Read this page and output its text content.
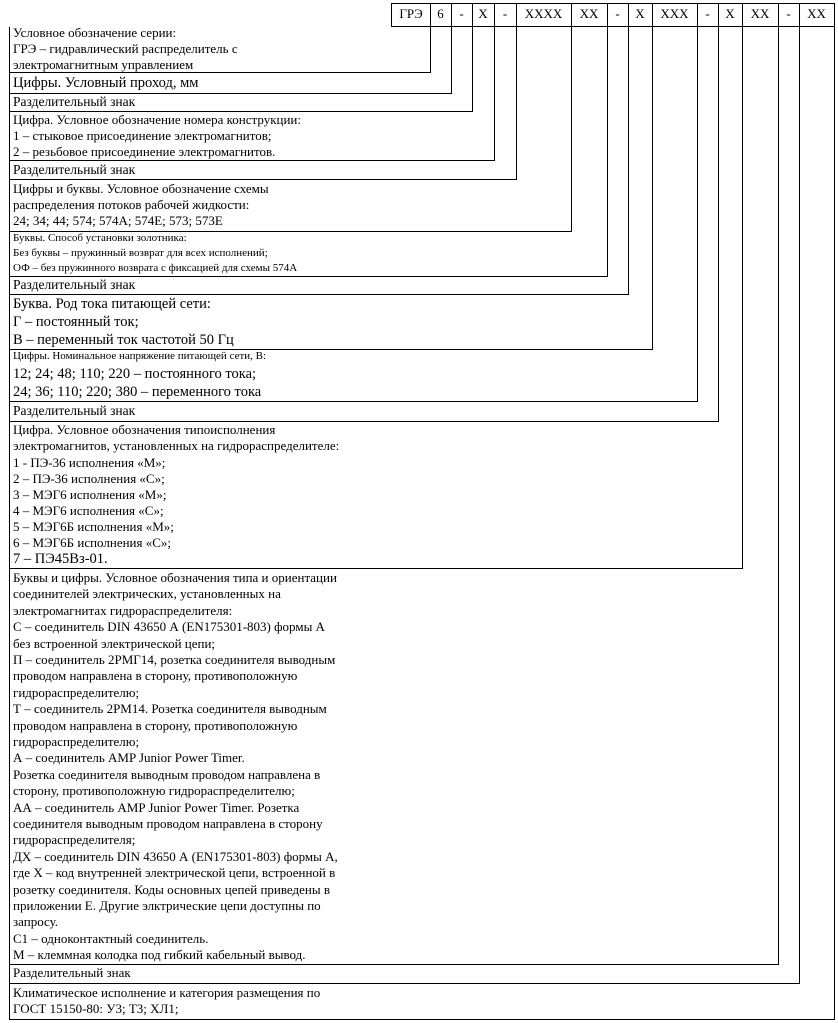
ГРЭ	6	-	X	-	XXXX	XX	-	X	XXX	-	X	XX	-	XX
Условное обозначение серии:
ГРЭ – гидравлический распределитель с
электромагнитным управлением
Цифры. Условный проход, мм
Разделительный знак
Цифра. Условное обозначение номера конструкции:
1 – стыковое присоединение электромагнитов;
2 – резьбовое присоединение электромагнитов.
Разделительный знак
Цифры и буквы. Условное обозначение схемы
распределения потоков рабочей жидкости:
24; 34; 44; 574; 574А; 574Е; 573; 573Е
Буквы. Способ установки золотника:
Без буквы – пружинный возврат для всех исполнений;
ОФ – без пружинного возврата с фиксацией для схемы 574А
Разделительный знак
Буква. Род тока питающей сети:
Г – постоянный ток;
В – переменный ток частотой 50 Гц
Цифры. Номинальное напряжение питающей сети, В:
12; 24; 48; 110; 220 – постоянного тока;
24; 36; 110; 220; 380 – переменного тока
Разделительный знак
Цифра. Условное обозначения типоисполнения
электромагнитов, установленных на гидрораспределителе:
1 - ПЭ-36 исполнения «М»;
2 – ПЭ-36 исполнения «С»;
3 – МЭГ6 исполнения «М»;
4 – МЭГ6 исполнения «С»;
5 – МЭГ6Б исполнения «М»;
6 – МЭГ6Б исполнения «С»;
7 – ПЭ45Вз-01.
Буквы и цифры. Условное обозначения типа и ориентации
соединителей электрических, установленных на
электромагнитах гидрораспределителя:
С – соединитель DIN 43650 А (EN175301-803) формы А
без встроенной электрической цепи;
П – соединитель 2РМГ14, розетка соединителя выводным
проводом направлена в сторону, противоположную
гидрораспределителю;
Т – соединитель 2РМ14. Розетка соединителя выводным
проводом направлена в сторону, противоположную
гидрораспределителю;
А – соединитель AMP Junior Power Timer.
Розетка соединителя выводным проводом направлена в
сторону, противоположную гидрораспределителю;
АА – соединитель AMP Junior Power Timer. Розетка
соединителя выводным проводом направлена в сторону
гидрораспределителя;
ДХ – соединитель DIN 43650 А (EN175301-803) формы А,
где Х – код внутренней электрической цепи, встроенной в
розетку соединителя. Коды основных цепей приведены в
приложении Е. Другие элктрические цепи доступны по
запросу.
С1 – одноконтактный соединитель.
М – клеммная колодка под гибкий кабельный вывод.
Разделительный знак
Климатическое исполнение и категория размещения по
ГОСТ 15150-80: У3; Т3; ХЛ1;
